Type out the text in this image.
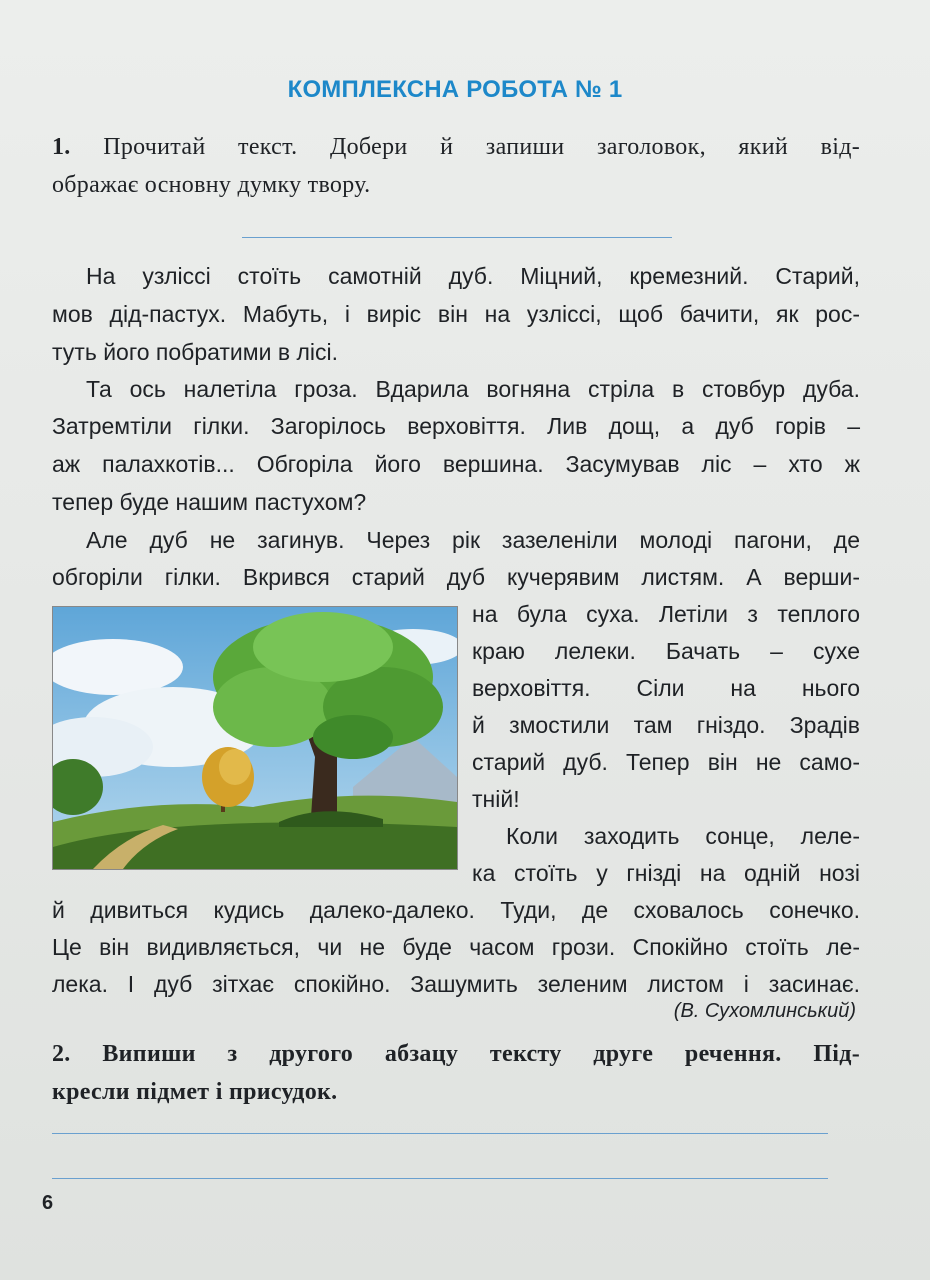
КОМПЛЕКСНА РОБОТА № 1
1. Прочитай текст. Добери й запиши заголовок, який від-
ображає основну думку твору.
На узліссі стоїть самотній дуб. Міцний, кремезний. Старий,
мов дід-пастух. Мабуть, і виріс він на узліссі, щоб бачити, як рос-
туть його побратими в лісі.
Та ось налетіла гроза. Вдарила вогняна стріла в стовбур дуба.
Затремтіли гілки. Загорілось верховіття. Лив дощ, а дуб горів –
аж палахкотів... Обгоріла його вершина. Засумував ліс – хто ж
тепер буде нашим пастухом?
Але дуб не загинув. Через рік зазеленіли молоді пагони, де
обгоріли гілки. Вкрився старий дуб кучерявим листям. А верши-
на була суха. Летіли з теплого
краю лелеки. Бачать – сухе
верховіття. Сіли на нього
й змостили там гніздо. Зрадів
старий дуб. Тепер він не само-
тній!
Коли заходить сонце, леле-
ка стоїть у гнізді на одній нозі
й дивиться кудись далеко-далеко. Туди, де сховалось сонечко.
Це він видивляється, чи не буде часом грози. Спокійно стоїть ле-
лека. І дуб зітхає спокійно. Зашумить зеленим листом і засинає.
(В. Сухомлинський)
2. Випиши з другого абзацу тексту друге речення. Під-
кресли підмет і присудок.
6
